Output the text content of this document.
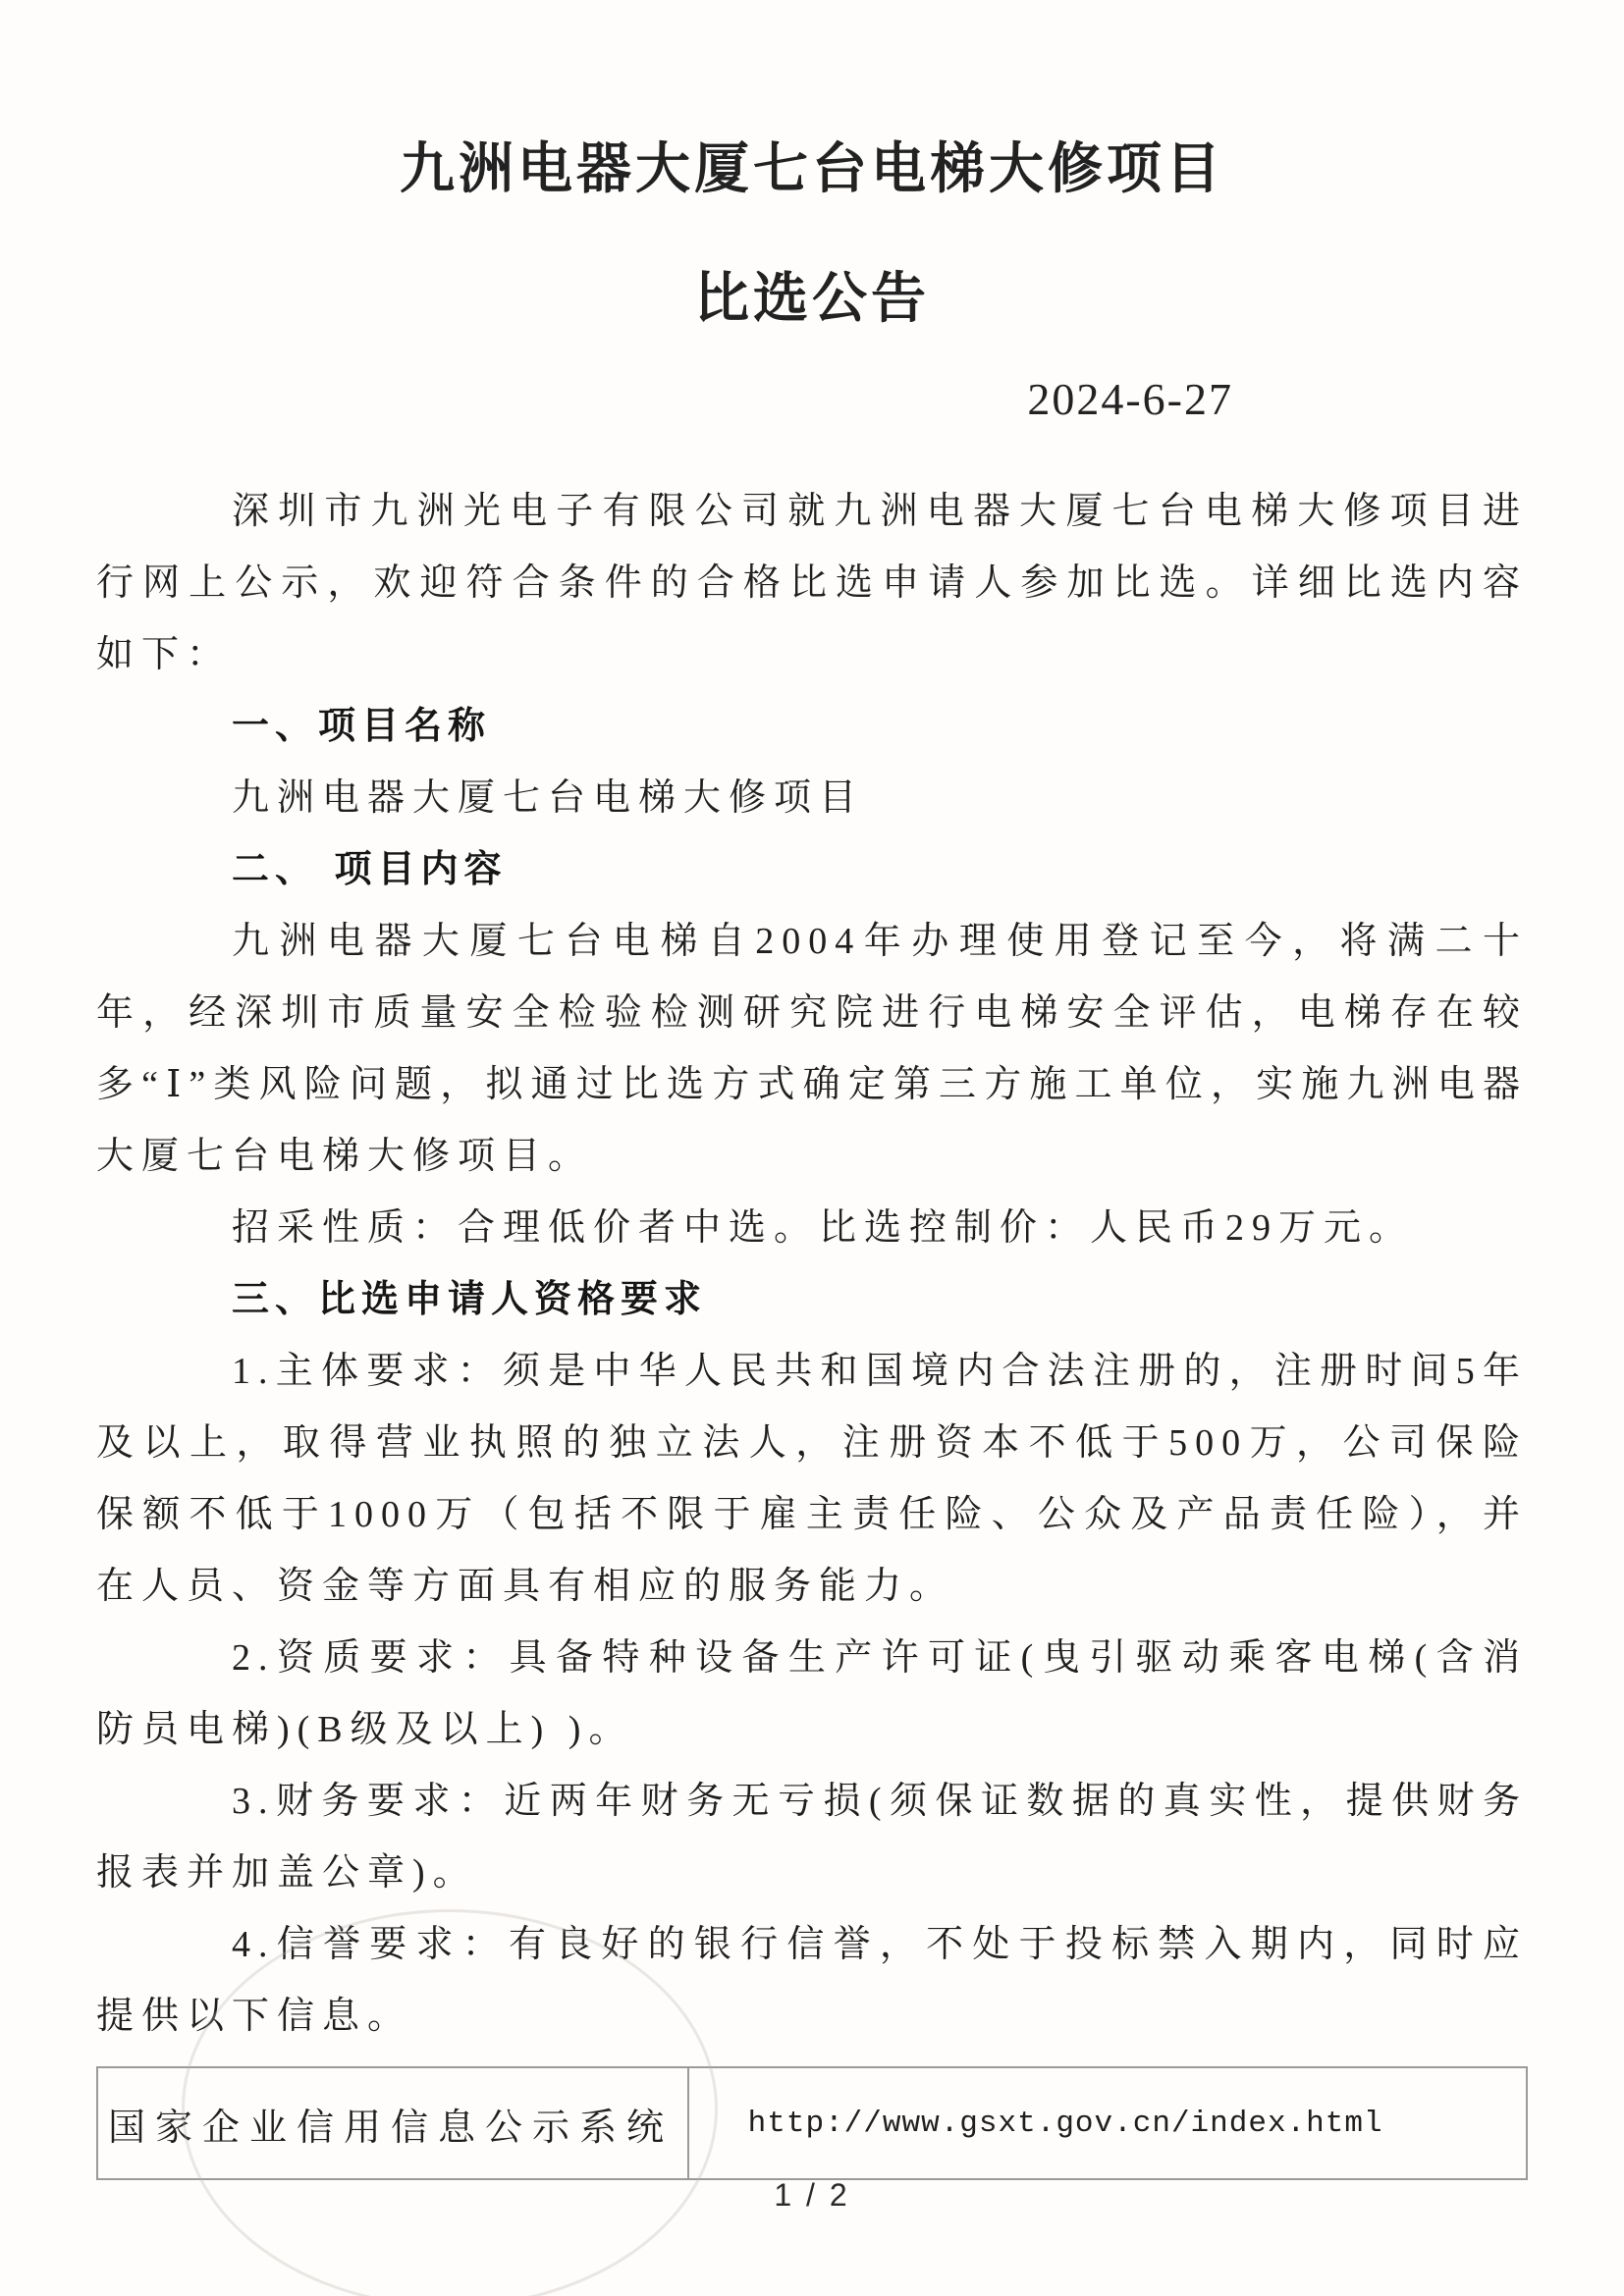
九洲电器大厦七台电梯大修项目
比选公告
2024-6-27

深圳市九洲光电子有限公司就九洲电器大厦七台电梯大修项目进行网上公示，欢迎符合条件的合格比选申请人参加比选。详细比选内容如下：

一、项目名称

九洲电器大厦七台电梯大修项目

二、 项目内容

九洲电器大厦七台电梯自2004年办理使用登记至今，将满二十年，经深圳市质量安全检验检测研究院进行电梯安全评估，电梯存在较多“Ⅰ”类风险问题，拟通过比选方式确定第三方施工单位，实施九洲电器大厦七台电梯大修项目。

招采性质：合理低价者中选。比选控制价：人民币29万元。

三、比选申请人资格要求

1.主体要求：须是中华人民共和国境内合法注册的，注册时间5年及以上，取得营业执照的独立法人，注册资本不低于500万，公司保险保额不低于1000万（包括不限于雇主责任险、公众及产品责任险），并在人员、资金等方面具有相应的服务能力。

2.资质要求：具备特种设备生产许可证(曳引驱动乘客电梯(含消防员电梯)(B级及以上) )。

3.财务要求：近两年财务无亏损(须保证数据的真实性，提供财务报表并加盖公章)。

4.信誉要求：有良好的银行信誉，不处于投标禁入期内，同时应提供以下信息。

国家企业信用信息公示系统	http://www.gsxt.gov.cn/index.html
1 / 2
